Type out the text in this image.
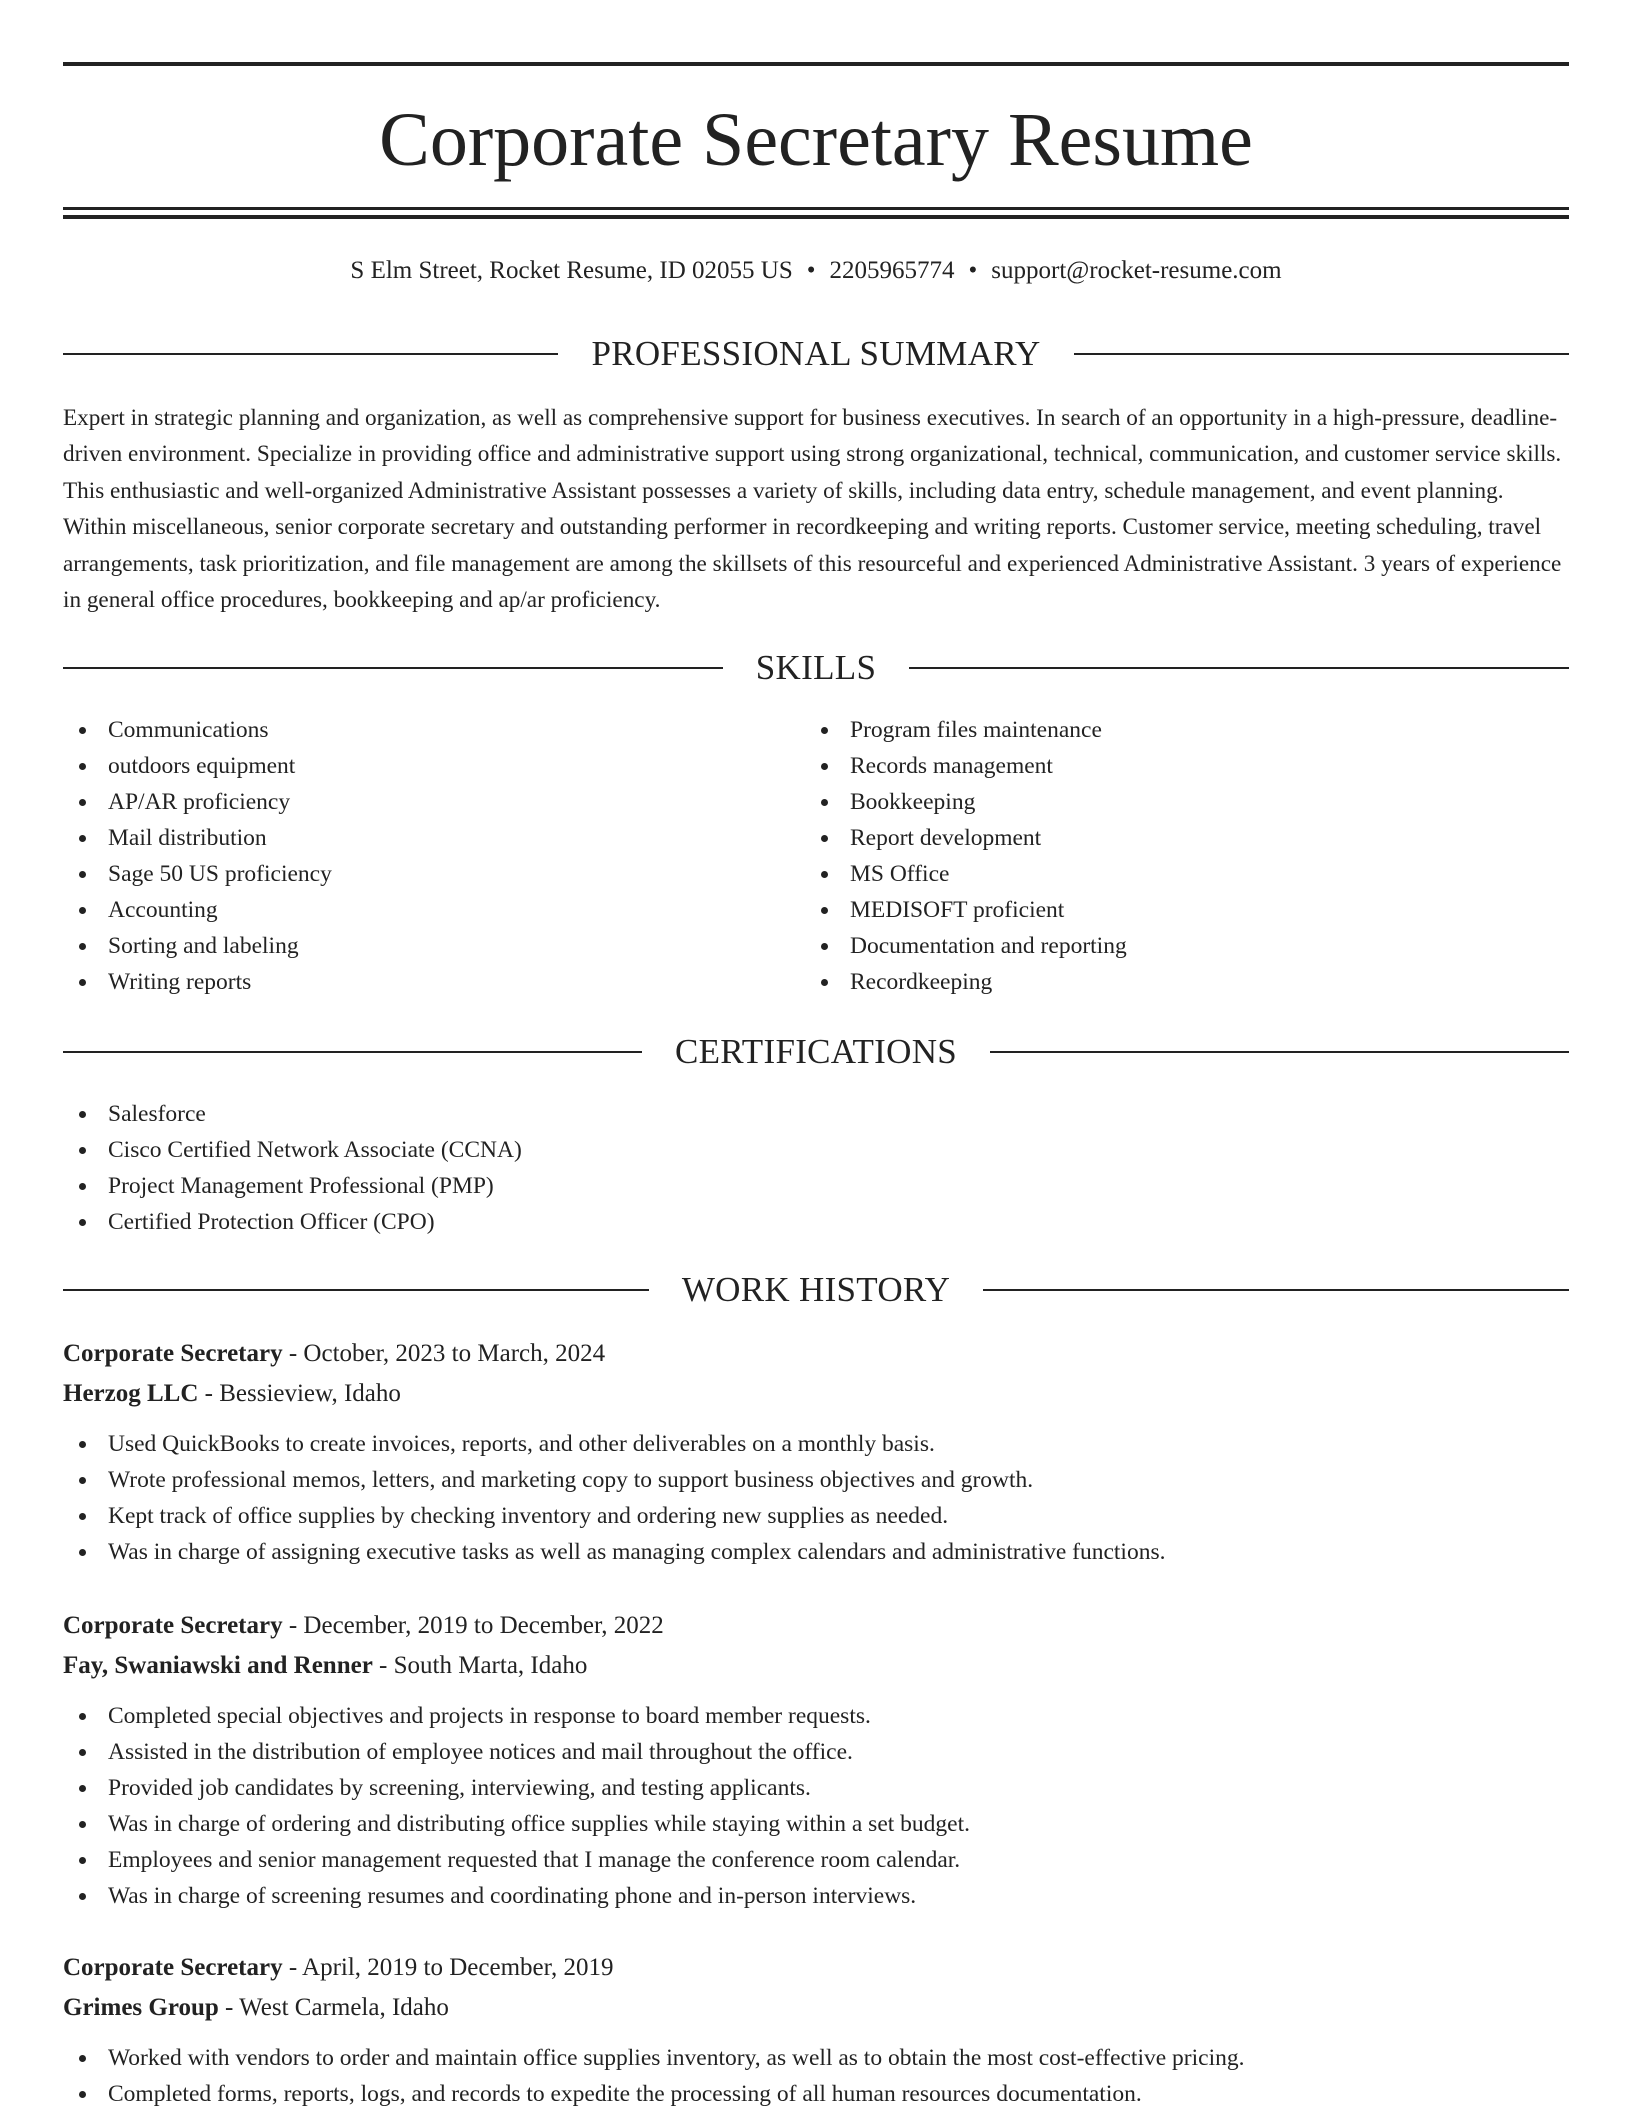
Corporate Secretary Resume
S Elm Street, Rocket Resume, ID 02055 US • 2205965774 • support@rocket-resume.com
PROFESSIONAL SUMMARY

Expert in strategic planning and organization, as well as comprehensive support for business executives. In search of an opportunity in a high-pressure, deadline-driven environment. Specialize in providing office and administrative support using strong organizational, technical, communication, and customer service skills. This enthusiastic and well-organized Administrative Assistant possesses a variety of skills, including data entry, schedule management, and event planning. Within miscellaneous, senior corporate secretary and outstanding performer in recordkeeping and writing reports. Customer service, meeting scheduling, travel arrangements, task prioritization, and file management are among the skillsets of this resourceful and experienced Administrative Assistant. 3 years of experience in general office procedures, bookkeeping and ap/ar proficiency.

SKILLS
Communications
outdoors equipment
AP/AR proficiency
Mail distribution
Sage 50 US proficiency
Accounting
Sorting and labeling
Writing reports
Program files maintenance
Records management
Bookkeeping
Report development
MS Office
MEDISOFT proficient
Documentation and reporting
Recordkeeping
CERTIFICATIONS
Salesforce
Cisco Certified Network Associate (CCNA)
Project Management Professional (PMP)
Certified Protection Officer (CPO)
WORK HISTORY
Corporate Secretary - October, 2023 to March, 2024
Herzog LLC - Bessieview, Idaho
Used QuickBooks to create invoices, reports, and other deliverables on a monthly basis.
Wrote professional memos, letters, and marketing copy to support business objectives and growth.
Kept track of office supplies by checking inventory and ordering new supplies as needed.
Was in charge of assigning executive tasks as well as managing complex calendars and administrative functions.
Corporate Secretary - December, 2019 to December, 2022
Fay, Swaniawski and Renner - South Marta, Idaho
Completed special objectives and projects in response to board member requests.
Assisted in the distribution of employee notices and mail throughout the office.
Provided job candidates by screening, interviewing, and testing applicants.
Was in charge of ordering and distributing office supplies while staying within a set budget.
Employees and senior management requested that I manage the conference room calendar.
Was in charge of screening resumes and coordinating phone and in-person interviews.
Corporate Secretary - April, 2019 to December, 2019
Grimes Group - West Carmela, Idaho
Worked with vendors to order and maintain office supplies inventory, as well as to obtain the most cost-effective pricing.
Completed forms, reports, logs, and records to expedite the processing of all human resources documentation.
